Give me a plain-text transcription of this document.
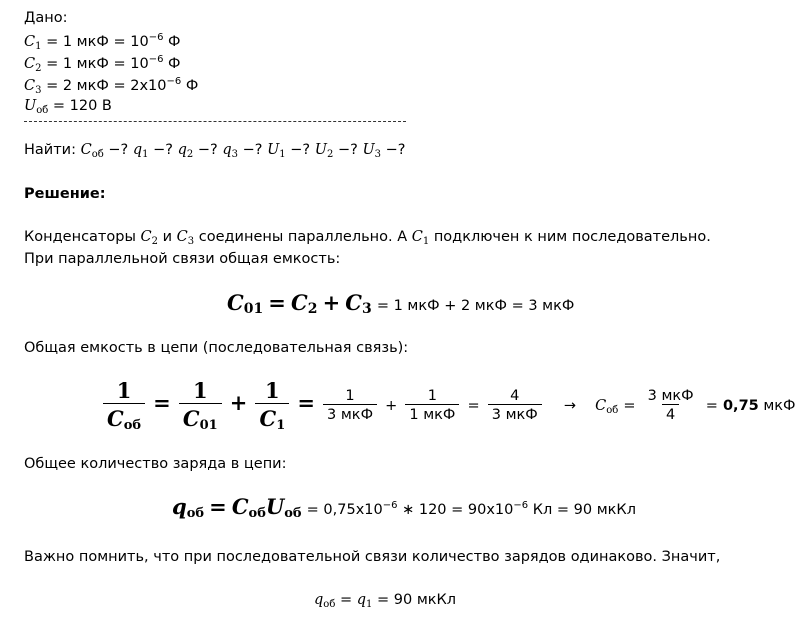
Дано:
$C_1 = 1$ мкФ = $10^{-6}$ Ф
$C_2 = 1$ мкФ = $10^{-6}$ Ф
$C_3 = 2$ мкФ = $2x10^{-6}$ Ф
$U_{об} = 120$ В
Найти: $C_{об}$ −? $q_1$ −? $q_2$ −? $q_3$ −? $U_1$ −? $U_2$ −? $U_3$ −?
Решение:
Конденсаторы $C_2$ и $C_3$ соединены параллельно. А $C_1$ подключен к ним последовательно.
При параллельной связи общая емкость:
$C_{01} = C_2 + C_3 = 1$ мкФ + 2 мкФ = 3 мкФ
Общая емкость в цепи (последовательная связь):
$\frac{1}{C_{об}} = \frac{1}{C_{01}} + \frac{1}{C_1} = \frac{1}{\text{3 мкФ}} + \frac{1}{\text{1 мкФ}} = \frac{4}{\text{3 мкФ}} \to C_{об} = \frac{\text{3 мкФ}}{4} = 0,75$ мкФ
Общее количество заряда в цепи:
$q_{об} = C_{об}U_{об} = 0,75x10^{-6}$ ∗ $120 = 90x10^{-6}$ Кл = 90 мкКл
Важно помнить, что при последовательной связи количество зарядов одинаково. Значит,
$q_{об} = q_1 = 90$ мкКл
